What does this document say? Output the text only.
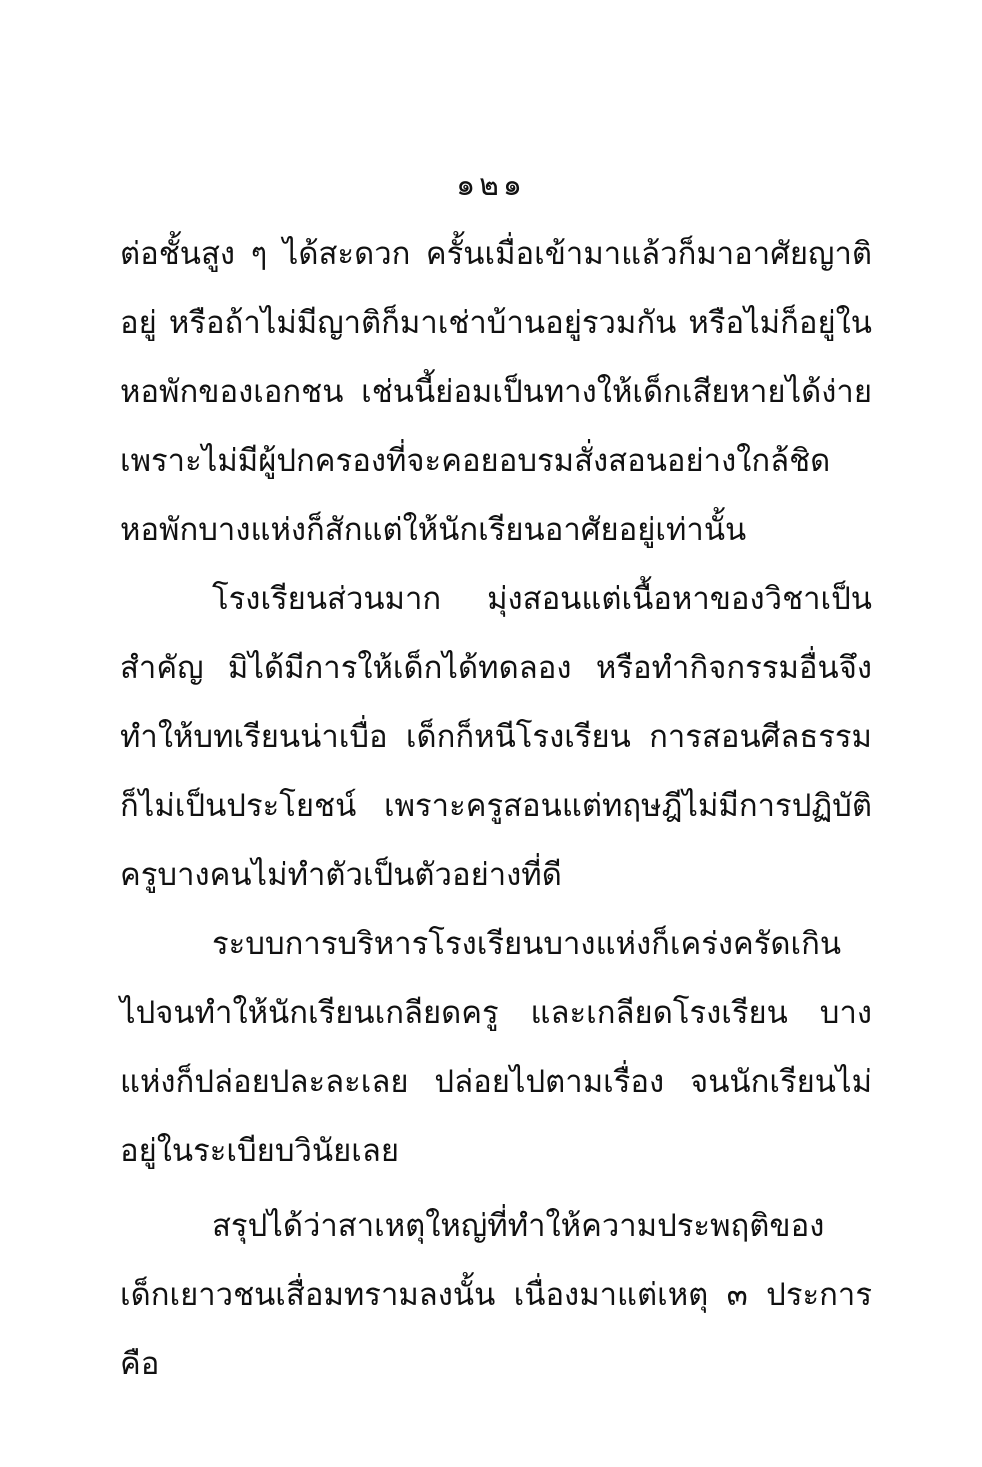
๑๒๑

ต่อชั้นสูง ๆ ได้สะดวก ครั้นเมื่อเข้ามาแล้วก็มาอาศัยญาติอยู่ หรือถ้าไม่มีญาติก็มาเช่าบ้านอยู่รวมกัน หรือไม่ก็อยู่ในหอพักของเอกชน เช่นนี้ย่อมเป็นทางให้เด็กเสียหายได้ง่าย เพราะไม่มีผู้ปกครองที่จะคอยอบรมสั่งสอนอย่างใกล้ชิด หอพักบางแห่งก็สักแต่ให้นักเรียนอาศัยอยู่เท่านั้น

โรงเรียนส่วนมาก มุ่งสอนแต่เนื้อหาของวิชาเป็นสำคัญ มิได้มีการให้เด็กได้ทดลอง หรือทำกิจกรรมอื่นจึงทำให้บทเรียนน่าเบื่อ เด็กก็หนีโรงเรียน การสอนศีลธรรมก็ไม่เป็นประโยชน์ เพราะครูสอนแต่ทฤษฎีไม่มีการปฏิบัติ ครูบางคนไม่ทำตัวเป็นตัวอย่างที่ดี

ระบบการบริหารโรงเรียนบางแห่งก็เคร่งครัดเกินไปจนทำให้นักเรียนเกลียดครู และเกลียดโรงเรียน บางแห่งก็ปล่อยปละละเลย ปล่อยไปตามเรื่อง จนนักเรียนไม่อยู่ในระเบียบวินัยเลย

สรุปได้ว่าสาเหตุใหญ่ที่ทำให้ความประพฤติของเด็กเยาวชนเสื่อมทรามลงนั้น เนื่องมาแต่เหตุ ๓ ประการ คือ
